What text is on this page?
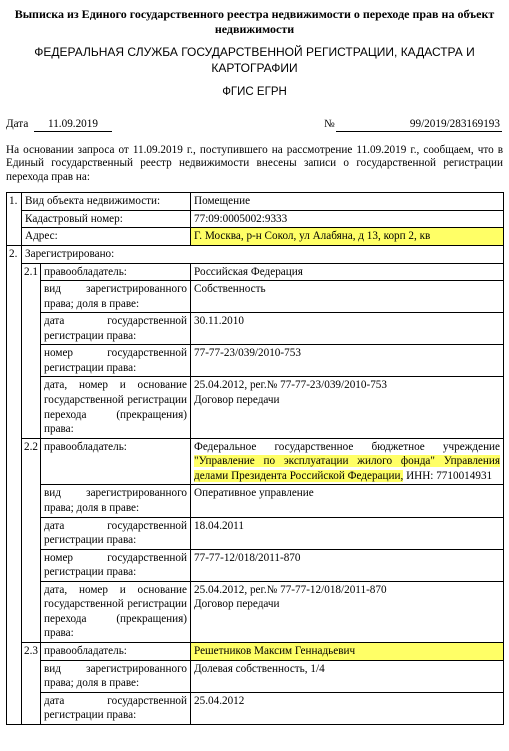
Выписка из Единого государственного реестра недвижимости о переходе прав на объект недвижимости
ФЕДЕРАЛЬНАЯ СЛУЖБА ГОСУДАРСТВЕННОЙ РЕГИСТРАЦИИ, КАДАСТРА И КАРТОГРАФИИ
ФГИС ЕГРН
Дата	11.09.2019	№	99/2019/283169193
На основании запроса от 11.09.2019 г., поступившего на рассмотрение 11.09.2019 г., сообщаем, что в Единый государственный реестр недвижимости внесены записи о государственной регистрации перехода прав на:
1.	Вид объекта недвижимости:		Помещение
	Кадастровый номер:		77:09:0005002:9333
	Адрес:		Г. Москва, р-н Сокол, ул Алабяна, д 13, корп 2, кв
2.	Зарегистрировано:		
	2.1	правообладатель:	Российская Федерация
		вид зарегистрированного права; доля в праве:	Собственность
		дата государственной регистрации права:	30.11.2010
		номер государственной регистрации права:	77-77-23/039/2010-753
		дата, номер и основание государственной регистрации перехода (прекращения) права:	25.04.2012, рег.№ 77-77-23/039/2010-753
Договор передачи

	2.2	правообладатель:	Федеральное государственное бюджетное учреждение "Управление по эксплуатации жилого фонда" Управления делами Президента Российской Федерации, ИНН: 7710014931
		вид зарегистрированного права; доля в праве:	Оперативное управление
		дата государственной регистрации права:	18.04.2011
		номер государственной регистрации права:	77-77-12/018/2011-870
		дата, номер и основание государственной регистрации перехода (прекращения) права:	25.04.2012, рег.№ 77-77-12/018/2011-870
Договор передачи

	2.3	правообладатель:	Решетников Максим Геннадьевич
		вид зарегистрированного права; доля в праве:	Долевая собственность, 1/4
		дата государственной регистрации права:	25.04.2012
